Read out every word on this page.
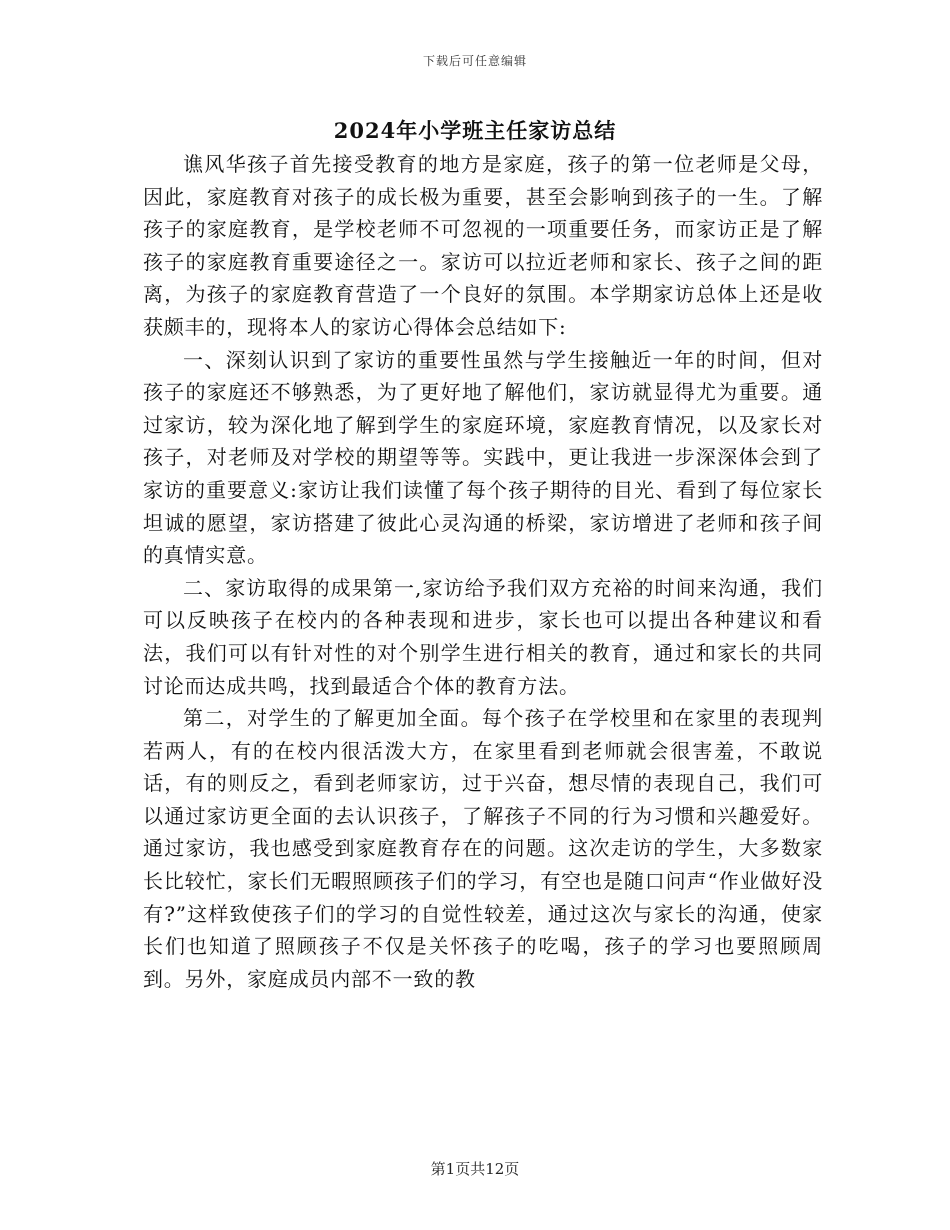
下载后可任意编辑
2024年小学班主任家访总结

谯风华孩子首先接受教育的地方是家庭，孩子的第一位老师是父母，因此，家庭教育对孩子的成长极为重要，甚至会影响到孩子的一生。了解孩子的家庭教育，是学校老师不可忽视的一项重要任务，而家访正是了解孩子的家庭教育重要途径之一。家访可以拉近老师和家长、孩子之间的距离，为孩子的家庭教育营造了一个良好的氛围。本学期家访总体上还是收获颇丰的，现将本人的家访心得体会总结如下:

一、深刻认识到了家访的重要性虽然与学生接触近一年的时间，但对孩子的家庭还不够熟悉，为了更好地了解他们，家访就显得尤为重要。通过家访，较为深化地了解到学生的家庭环境，家庭教育情况，以及家长对孩子，对老师及对学校的期望等等。实践中，更让我进一步深深体会到了家访的重要意义:家访让我们读懂了每个孩子期待的目光、看到了每位家长坦诚的愿望，家访搭建了彼此心灵沟通的桥梁，家访增进了老师和孩子间的真情实意。

二、家访取得的成果第一,家访给予我们双方充裕的时间来沟通，我们可以反映孩子在校内的各种表现和进步，家长也可以提出各种建议和看法，我们可以有针对性的对个别学生进行相关的教育，通过和家长的共同讨论而达成共鸣，找到最适合个体的教育方法。

第二，对学生的了解更加全面。每个孩子在学校里和在家里的表现判若两人，有的在校内很活泼大方，在家里看到老师就会很害羞，不敢说话，有的则反之，看到老师家访，过于兴奋，想尽情的表现自己，我们可以通过家访更全面的去认识孩子，了解孩子不同的行为习惯和兴趣爱好。通过家访，我也感受到家庭教育存在的问题。这次走访的学生，大多数家长比较忙，家长们无暇照顾孩子们的学习，有空也是随口问声“作业做好没有?”这样致使孩子们的学习的自觉性较差，通过这次与家长的沟通，使家长们也知道了照顾孩子不仅是关怀孩子的吃喝，孩子的学习也要照顾周到。另外，家庭成员内部不一致的教

第1页共12页
